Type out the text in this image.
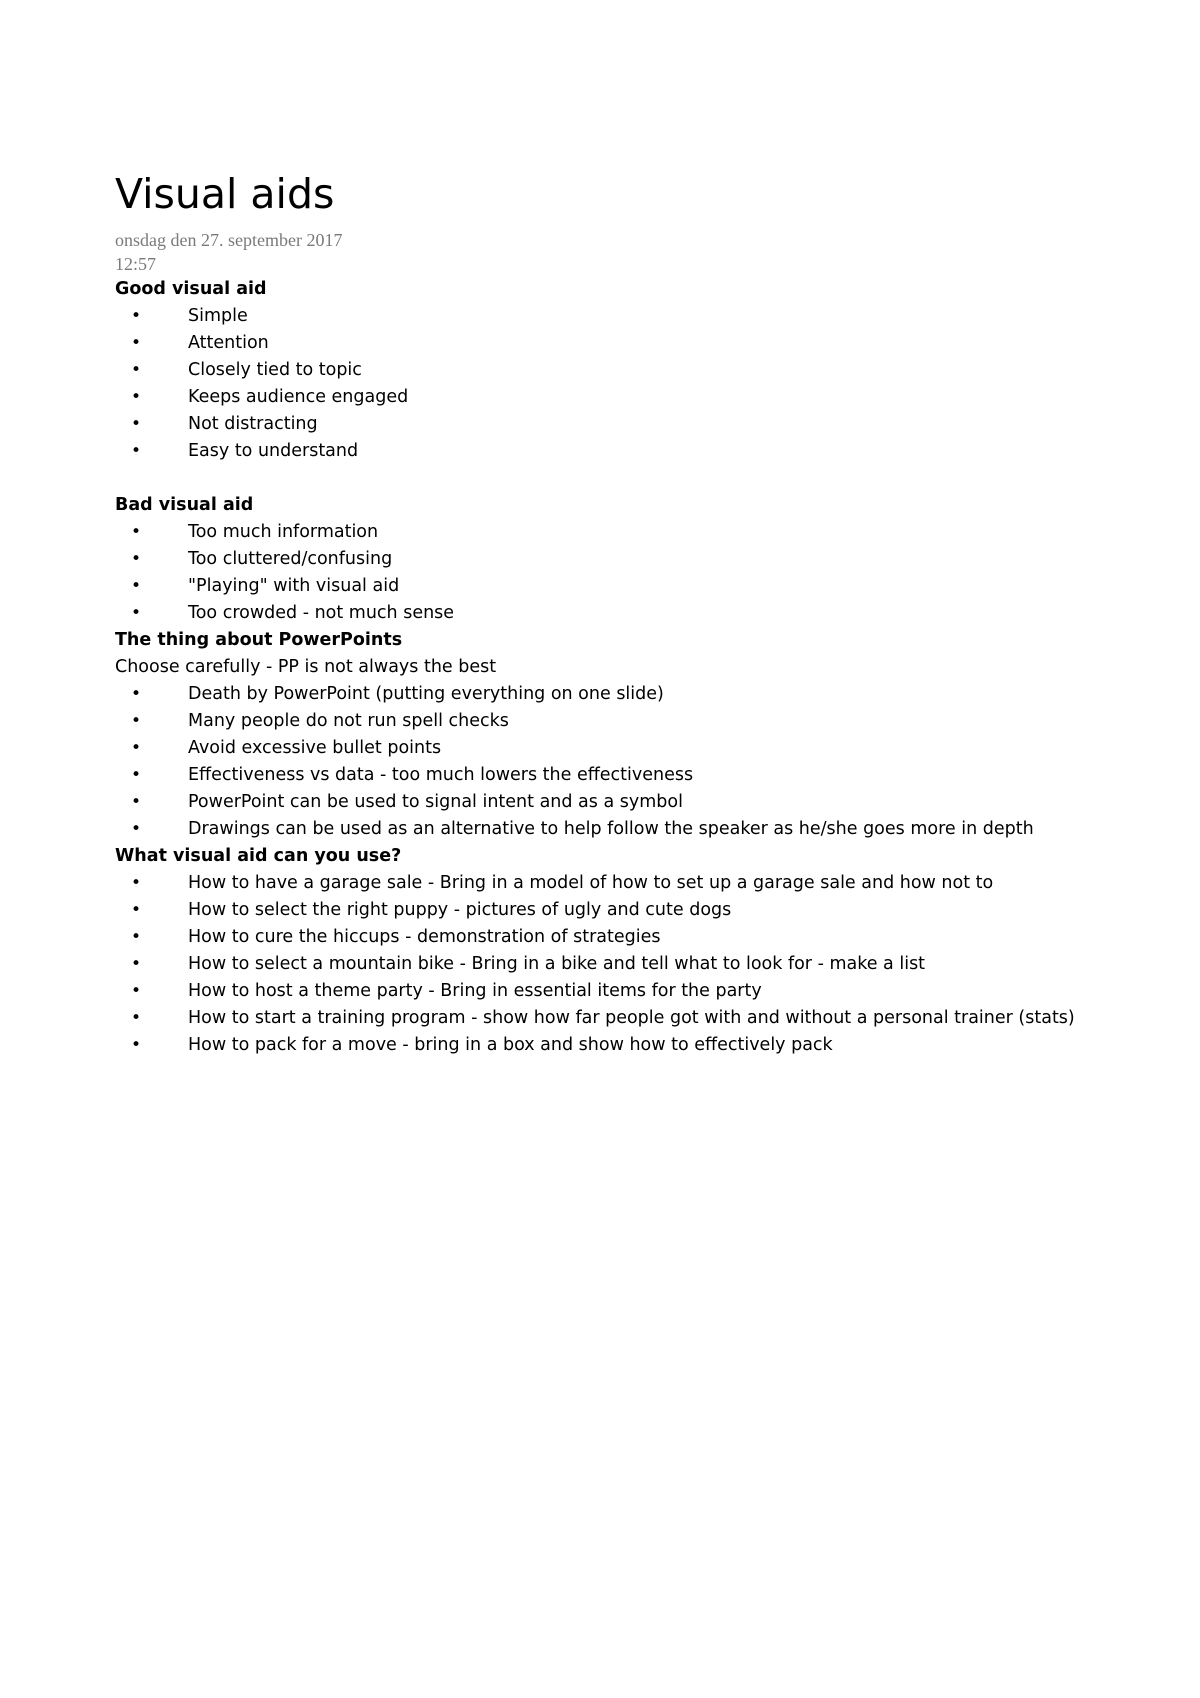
Visual aids
onsdag den 27. september 2017
12:57
Good visual aid
•	Simple
•	Attention
•	Closely tied to topic
•	Keeps audience engaged
•	Not distracting
•	Easy to understand
Bad visual aid
•	Too much information
•	Too cluttered/confusing
•	"Playing" with visual aid
•	Too crowded - not much sense
The thing about PowerPoints
Choose carefully - PP is not always the best
•	Death by PowerPoint (putting everything on one slide)
•	Many people do not run spell checks
•	Avoid excessive bullet points
•	Effectiveness vs data - too much lowers the effectiveness
•	PowerPoint can be used to signal intent and as a symbol
•	Drawings can be used as an alternative to help follow the speaker as he/she goes more in depth
What visual aid can you use?
•	How to have a garage sale - Bring in a model of how to set up a garage sale and how not to
•	How to select the right puppy - pictures of ugly and cute dogs
•	How to cure the hiccups - demonstration of strategies
•	How to select a mountain bike - Bring in a bike and tell what to look for - make a list
•	How to host a theme party - Bring in essential items for the party
•	How to start a training program - show how far people got with and without a personal trainer (stats)
•	How to pack for a move - bring in a box and show how to effectively pack
